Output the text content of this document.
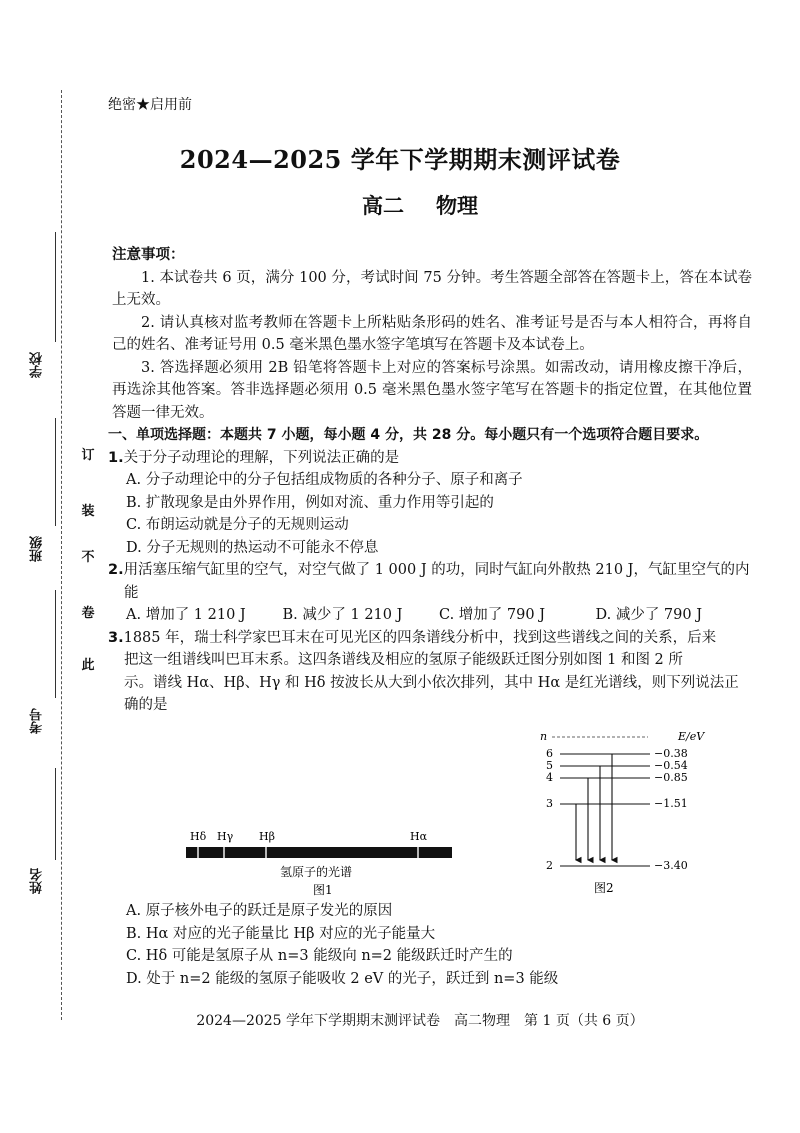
学校
班级
考号
姓名
订
装
不
卷
此
绝密★启用前
2024—2025 学年下学期期末测评试卷
高二 物理
注意事项：
1. 本试卷共 6 页，满分 100 分，考试时间 75 分钟。考生答题全部答在答题卡上，答在本试卷上无效。
2. 请认真核对监考教师在答题卡上所粘贴条形码的姓名、准考证号是否与本人相符合，再将自己的姓名、准考证号用 0.5 毫米黑色墨水签字笔填写在答题卡及本试卷上。
3. 答选择题必须用 2B 铅笔将答题卡上对应的答案标号涂黑。如需改动，请用橡皮擦干净后，再选涂其他答案。答非选择题必须用 0.5 毫米黑色墨水签字笔写在答题卡的指定位置，在其他位置答题一律无效。
一、单项选择题：本题共 7 小题，每小题 4 分，共 28 分。每小题只有一个选项符合题目要求。
1.关于分子动理论的理解，下列说法正确的是
A. 分子动理论中的分子包括组成物质的各种分子、原子和离子
B. 扩散现象是由外界作用，例如对流、重力作用等引起的
C. 布朗运动就是分子的无规则运动
D. 分子无规则的热运动不可能永不停息
2.用活塞压缩气缸里的空气，对空气做了 1 000 J 的功，同时气缸向外散热 210 J，气缸里空气的内能
A. 增加了 1 210 J	B. 减少了 1 210 J	C. 增加了 790 J	D. 减少了 790 J
3.1885 年，瑞士科学家巴耳末在可见光区的四条谱线分析中，找到这些谱线之间的关系，后来
把这一组谱线叫巴耳末系。这四条谱线及相应的氢原子能级跃迁图分别如图 1 和图 2 所
示。谱线 Hα、Hβ、Hγ 和 Hδ 按波长从大到小依次排列，其中 Hα 是红光谱线，则下列说法正
确的是
Hδ Hγ Hβ	Hα
氢原子的光谱
图1
n	E/eV
6	−0.38
5	−0.54
4	−0.85
3	−1.51
2	−3.40
图2
A. 原子核外电子的跃迁是原子发光的原因
B. Hα 对应的光子能量比 Hβ 对应的光子能量大
C. Hδ 可能是氢原子从 n=3 能级向 n=2 能级跃迁时产生的
D. 处于 n=2 能级的氢原子能吸收 2 eV 的光子，跃迁到 n=3 能级
2024—2025 学年下学期期末测评试卷　高二物理　第 1 页（共 6 页）
